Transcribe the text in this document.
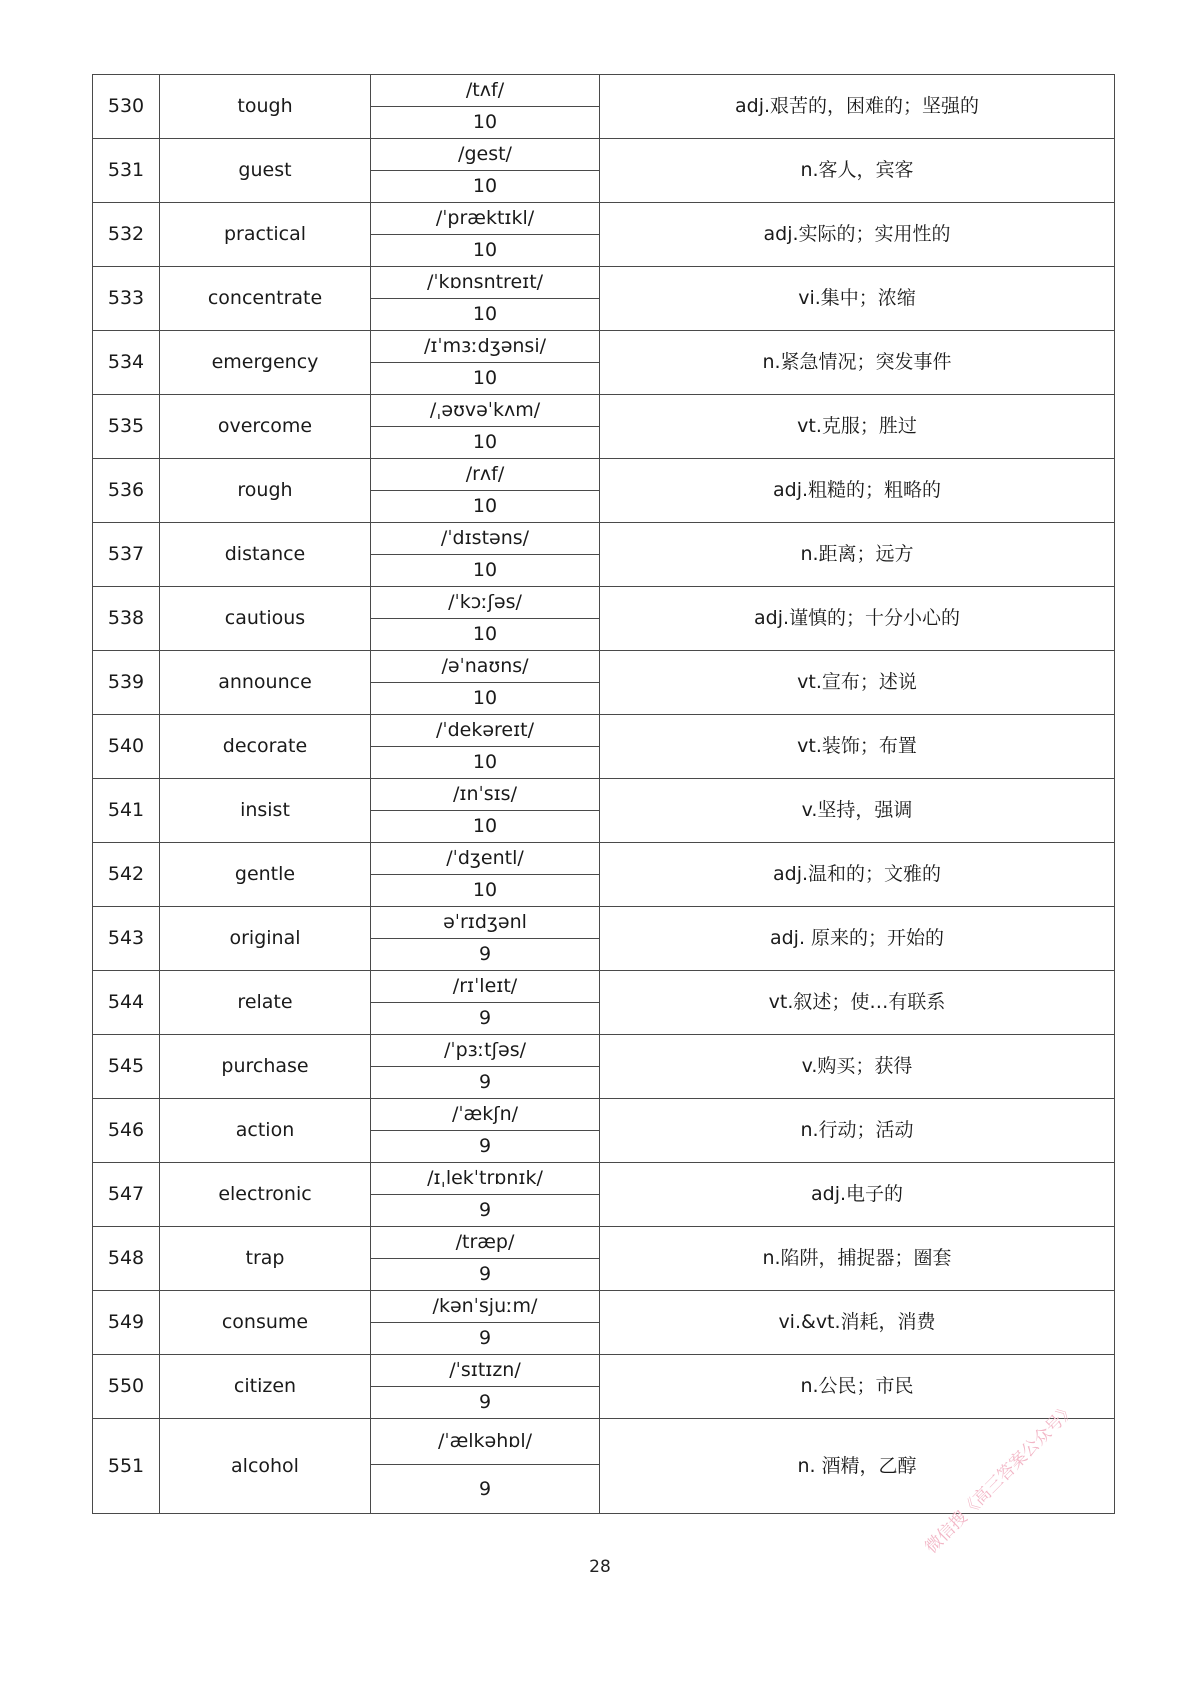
530	tough	/tʌf/	adj.艰苦的，困难的；坚强的
		10	
531	guest	/gest/	n.客人，宾客
		10	
532	practical	/ˈpræktɪkl/	adj.实际的；实用性的
		10	
533	concentrate	/ˈkɒnsntreɪt/	vi.集中；浓缩
		10	
534	emergency	/ɪˈmɜːdʒənsi/	n.紧急情况；突发事件
		10	
535	overcome	/ˌəʊvəˈkʌm/	vt.克服；胜过
		10	
536	rough	/rʌf/	adj.粗糙的；粗略的
		10	
537	distance	/ˈdɪstəns/	n.距离；远方
		10	
538	cautious	/ˈkɔːʃəs/	adj.谨慎的；十分小心的
		10	
539	announce	/əˈnaʊns/	vt.宣布；述说
		10	
540	decorate	/ˈdekəreɪt/	vt.装饰；布置
		10	
541	insist	/ɪnˈsɪs/	v.坚持，强调
		10	
542	gentle	/ˈdʒentl/	adj.温和的；文雅的
		10	
543	original	əˈrɪdʒənl	adj. 原来的；开始的
		9	
544	relate	/rɪˈleɪt/	vt.叙述；使…有联系
		9	
545	purchase	/ˈpɜːtʃəs/	v.购买；获得
		9	
546	action	/ˈækʃn/	n.行动；活动
		9	
547	electronic	/ɪˌlekˈtrɒnɪk/	adj.电子的
		9	
548	trap	/træp/	n.陷阱，捕捉器；圈套
		9	
549	consume	/kənˈsjuːm/	vi.&vt.消耗，消费
		9	
550	citizen	/ˈsɪtɪzn/	n.公民；市民
		9	
551	alcohol	/ˈælkəhɒl/	n. 酒精，乙醇
		9	
28
微信搜《高三答案公众号》
